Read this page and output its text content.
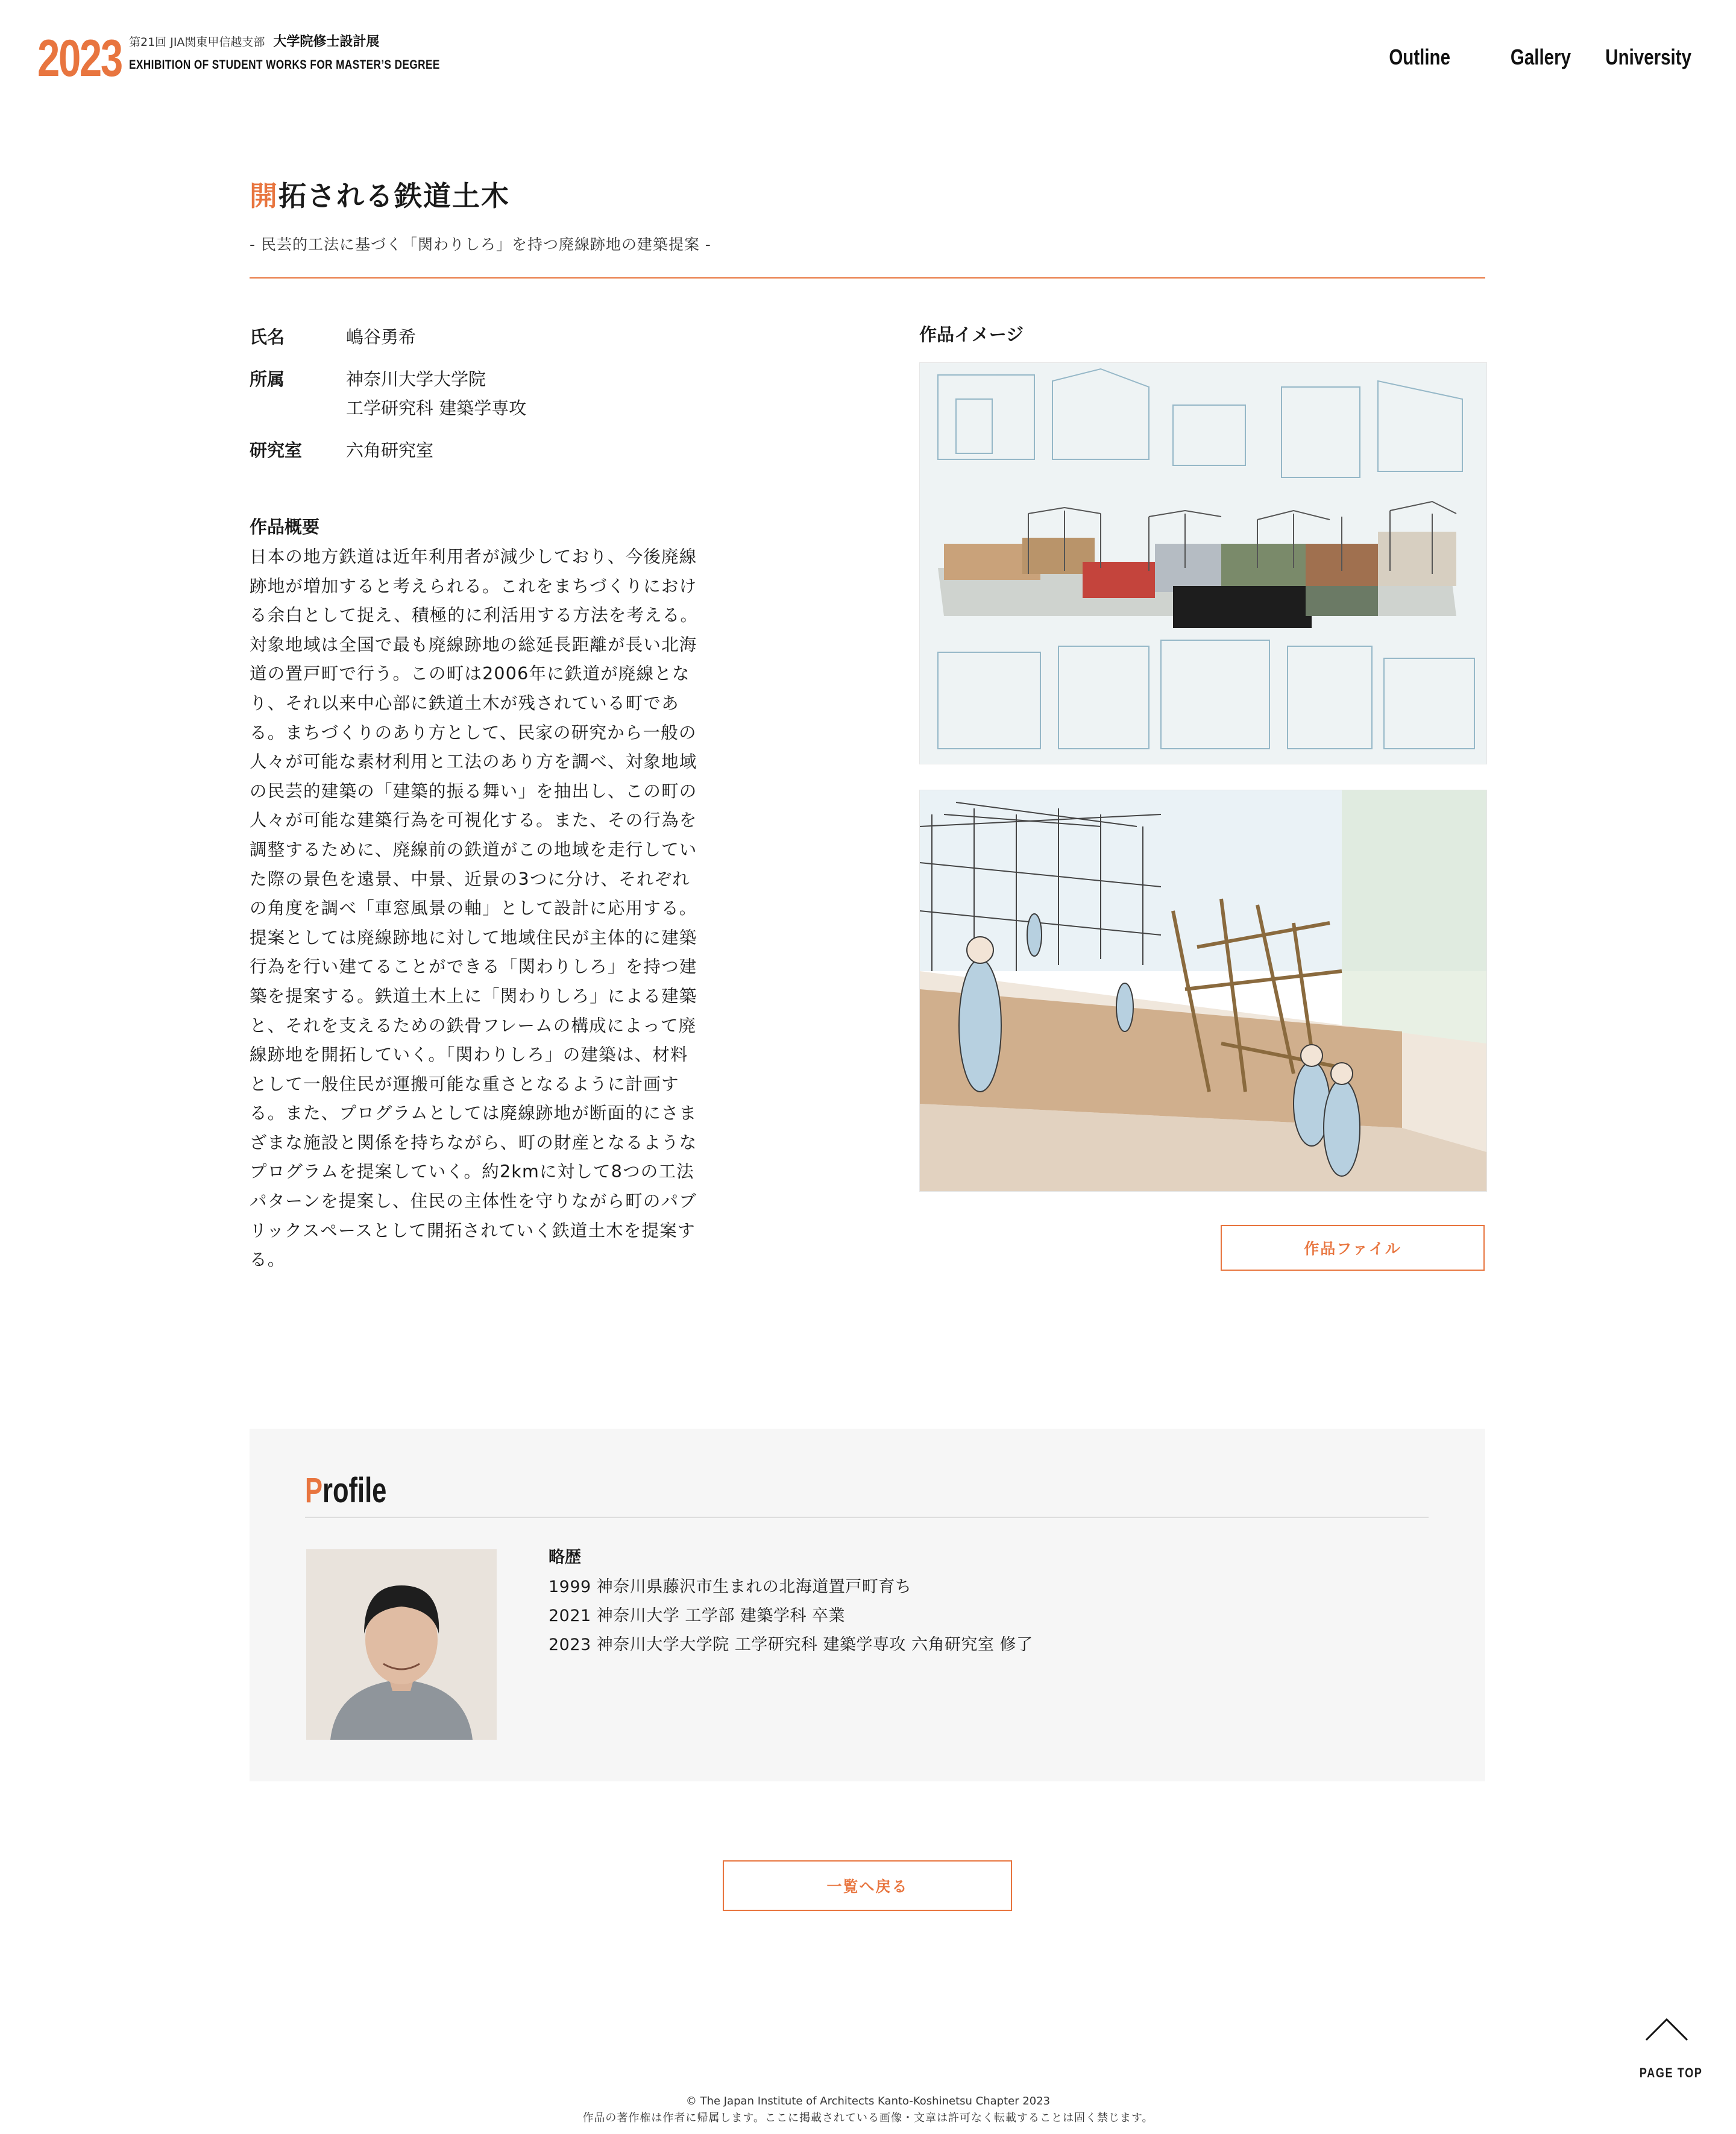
2023 第21回 JIA関東甲信越支部 大学院修士設計展
EXHIBITION OF STUDENT WORKS FOR MASTER’S DEGREE	Outline	Gallery	University
開拓される鉄道土木
- 民芸的工法に基づく「関わりしろ」を持つ廃線跡地の建築提案 -
氏名	嶋谷勇希
所属	神奈川大学大学院
工学研究科 建築学専攻
研究室	六角研究室
作品概要
日本の地方鉄道は近年利用者が減少しており、今後廃線
跡地が増加すると考えられる。これをまちづくりにおけ
る余白として捉え、積極的に利活用する方法を考える。
対象地域は全国で最も廃線跡地の総延長距離が長い北海
道の置戸町で行う。この町は2006年に鉄道が廃線とな
り、それ以来中心部に鉄道土木が残されている町であ
る。まちづくりのあり方として、民家の研究から一般の
人々が可能な素材利用と工法のあり方を調べ、対象地域
の民芸的建築の「建築的振る舞い」を抽出し、この町の
人々が可能な建築行為を可視化する。また、その行為を
調整するために、廃線前の鉄道がこの地域を走行してい
た際の景色を遠景、中景、近景の3つに分け、それぞれ
の角度を調べ「車窓風景の軸」として設計に応用する。
提案としては廃線跡地に対して地域住民が主体的に建築
行為を行い建てることができる「関わりしろ」を持つ建
築を提案する。鉄道土木上に「関わりしろ」による建築
と、それを支えるための鉄骨フレームの構成によって廃
線跡地を開拓していく。「関わりしろ」の建築は、材料
として一般住民が運搬可能な重さとなるように計画す
る。また、プログラムとしては廃線跡地が断面的にさま
ざまな施設と関係を持ちながら、町の財産となるような
プログラムを提案していく。約2kmに対して8つの工法
パターンを提案し、住民の主体性を守りながら町のパブ
リックスペースとして開拓されていく鉄道土木を提案す
る。
作品イメージ
作品ファイル
Profile
略歴
1999 神奈川県藤沢市生まれの北海道置戸町育ち
2021 神奈川大学 工学部 建築学科 卒業
2023 神奈川大学大学院 工学研究科 建築学専攻 六角研究室 修了
一覧へ戻る
PAGE TOP
© The Japan Institute of Architects Kanto-Koshinetsu Chapter 2023
作品の著作権は作者に帰属します。ここに掲載されている画像・文章は許可なく転載することは固く禁じます。
